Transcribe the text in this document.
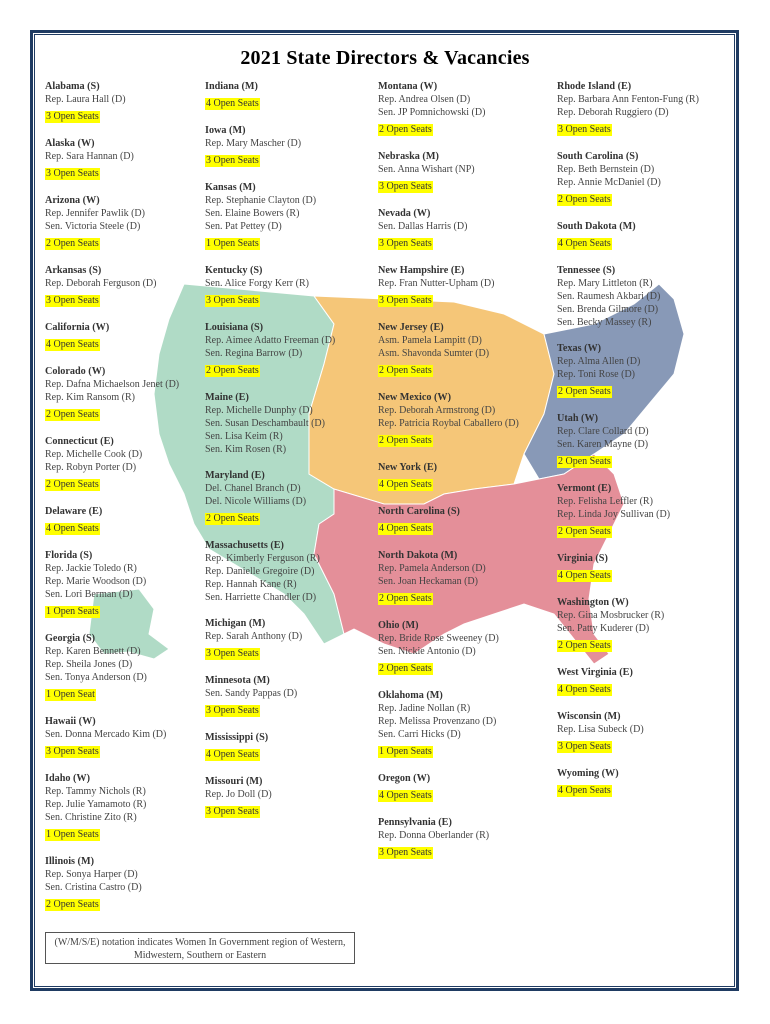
2021 State Directors & Vacancies
Alabama (S)
Rep. Laura Hall (D)
3 Open Seats
Alaska (W)
Rep. Sara Hannan (D)
3 Open Seats
Arizona (W)
Rep. Jennifer Pawlik (D)
Sen. Victoria Steele (D)
2 Open Seats
Arkansas (S)
Rep. Deborah Ferguson (D)
3 Open Seats
California (W)
4 Open Seats
Colorado (W)
Rep. Dafna Michaelson Jenet (D)
Rep. Kim Ransom (R)
2 Open Seats
Connecticut (E)
Rep. Michelle Cook (D)
Rep. Robyn Porter (D)
2 Open Seats
Delaware (E)
4 Open Seats
Florida (S)
Rep. Jackie Toledo (R)
Rep. Marie Woodson (D)
Sen. Lori Berman (D)
1 Open Seats
Georgia (S)
Rep. Karen Bennett (D)
Rep. Sheila Jones (D)
Sen. Tonya Anderson (D)
1 Open Seat
Hawaii (W)
Sen. Donna Mercado Kim (D)
3 Open Seats
Idaho (W)
Rep. Tammy Nichols (R)
Rep. Julie Yamamoto (R)
Sen. Christine Zito (R)
1 Open Seats
Illinois (M)
Rep. Sonya Harper (D)
Sen. Cristina Castro (D)
2 Open Seats
Indiana (M)
4 Open Seats
Iowa (M)
Rep. Mary Mascher (D)
3 Open Seats
Kansas (M)
Rep. Stephanie Clayton (D)
Sen. Elaine Bowers (R)
Sen. Pat Pettey (D)
1 Open Seats
Kentucky (S)
Sen. Alice Forgy Kerr (R)
3 Open Seats
Louisiana (S)
Rep. Aimee Adatto Freeman (D)
Sen. Regina Barrow (D)
2 Open Seats
Maine (E)
Rep. Michelle Dunphy (D)
Sen. Susan Deschambault (D)
Sen. Lisa Keim (R)
Sen. Kim Rosen (R)
Maryland (E)
Del. Chanel Branch (D)
Del. Nicole Williams (D)
2 Open Seats
Massachusetts (E)
Rep. Kimberly Ferguson (R)
Rep. Danielle Gregoire (D)
Rep. Hannah Kane (R)
Sen. Harriette Chandler (D)
Michigan (M)
Rep. Sarah Anthony (D)
3 Open Seats
Minnesota (M)
Sen. Sandy Pappas (D)
3 Open Seats
Mississippi (S)
4 Open Seats
Missouri (M)
Rep. Jo Doll (D)
3 Open Seats
Montana (W)
Rep. Andrea Olsen (D)
Sen. JP Pomnichowski (D)
2 Open Seats
Nebraska (M)
Sen. Anna Wishart (NP)
3 Open Seats
Nevada (W)
Sen. Dallas Harris (D)
3 Open Seats
New Hampshire (E)
Rep. Fran Nutter-Upham (D)
3 Open Seats
New Jersey (E)
Asm. Pamela Lampitt (D)
Asm. Shavonda Sumter (D)
2 Open Seats
New Mexico (W)
Rep. Deborah Armstrong (D)
Rep. Patricia Roybal Caballero (D)
2 Open Seats
New York (E)
4 Open Seats
North Carolina (S)
4 Open Seats
North Dakota (M)
Rep. Pamela Anderson (D)
Sen. Joan Heckaman (D)
2 Open Seats
Ohio (M)
Rep. Bride Rose Sweeney (D)
Sen. Nickie Antonio (D)
2 Open Seats
Oklahoma (M)
Rep. Jadine Nollan (R)
Rep. Melissa Provenzano (D)
Sen. Carri Hicks (D)
1 Open Seats
Oregon (W)
4 Open Seats
Pennsylvania (E)
Rep. Donna Oberlander (R)
3 Open Seats
Rhode Island (E)
Rep. Barbara Ann Fenton-Fung (R)
Rep. Deborah Ruggiero (D)
3 Open Seats
South Carolina (S)
Rep. Beth Bernstein (D)
Rep. Annie McDaniel (D)
2 Open Seats
South Dakota (M)
4 Open Seats
Tennessee (S)
Rep. Mary Littleton (R)
Sen. Raumesh Akbari (D)
Sen. Brenda Gilmore (D)
Sen. Becky Massey (R)
Texas (W)
Rep. Alma Allen (D)
Rep. Toni Rose (D)
2 Open Seats
Utah (W)
Rep. Clare Collard (D)
Sen. Karen Mayne (D)
2 Open Seats
Vermont (E)
Rep. Felisha Leffler (R)
Rep. Linda Joy Sullivan (D)
2 Open Seats
Virginia (S)
4 Open Seats
Washington (W)
Rep. Gina Mosbrucker (R)
Sen. Patty Kuderer (D)
2 Open Seats
West Virginia (E)
4 Open Seats
Wisconsin (M)
Rep. Lisa Subeck (D)
3 Open Seats
Wyoming (W)
4 Open Seats
(W/M/S/E) notation indicates Women In Government region of Western, Midwestern, Southern or Eastern
